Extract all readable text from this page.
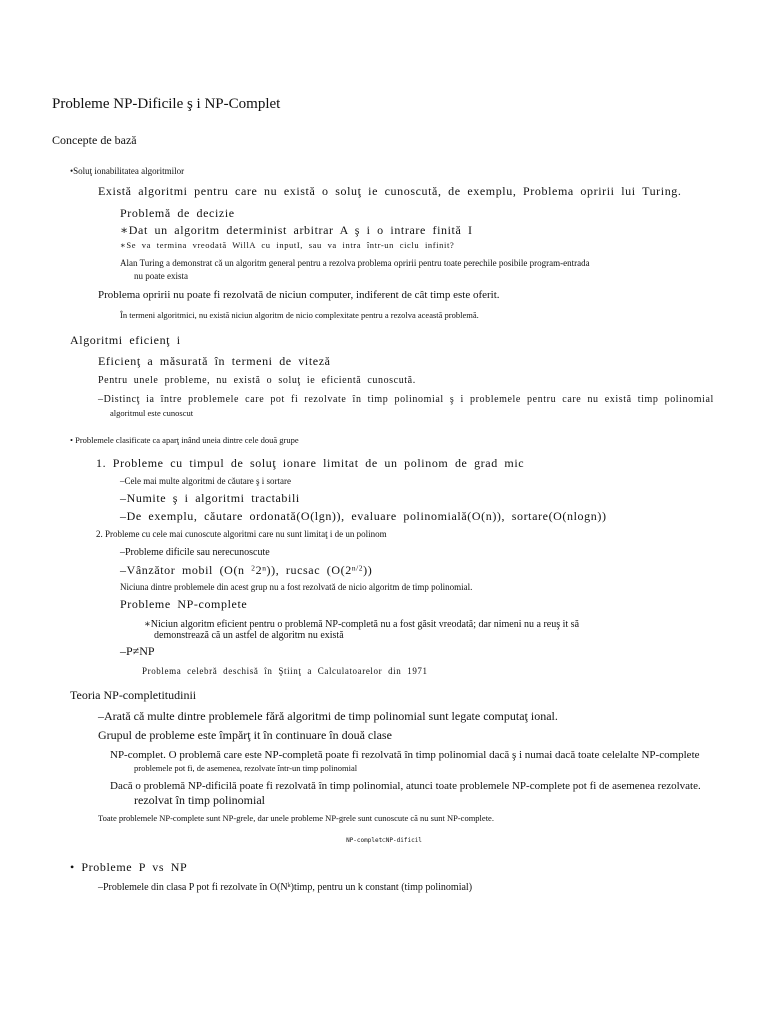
Probleme NP-Dificile ş i NP-Complet
Concepte de bază
•Soluţ ionabilitatea algoritmilor
Există algoritmi pentru care nu există o soluţ ie cunoscută, de exemplu, Problema opririi lui Turing.
Problemă de decizie
∗Dat un algoritm determinist arbitrar A ş i o intrare finită I
∗Se va termina vreodată WillA cu inputI, sau va intra într-un ciclu infinit?
Alan Turing a demonstrat că un algoritm general pentru a rezolva problema opririi pentru toate perechile posibile program-entrada
nu poate exista
Problema opririi nu poate fi rezolvată de niciun computer, indiferent de cât timp este oferit.
În termeni algoritmici, nu există niciun algoritm de nicio complexitate pentru a rezolva această problemă.
Algoritmi eficienţ i
Eficienţ a măsurată în termeni de viteză
Pentru unele probleme, nu există o soluţ ie eficientă cunoscută.
–Distincţ ia între problemele care pot fi rezolvate în timp polinomial ş i problemele pentru care nu există timp polinomial
algoritmul este cunoscut
• Problemele clasificate ca aparţ inând uneia dintre cele două grupe
1. Probleme cu timpul de soluţ ionare limitat de un polinom de grad mic
–Cele mai multe algoritmi de căutare ş i sortare
–Numite ş i algoritmi tractabili
–De exemplu, căutare ordonată(O(lgn)), evaluare polinomială(O(n)), sortare(O(nlogn))
2. Probleme cu cele mai cunoscute algoritmi care nu sunt limitaţ i de un polinom
–Probleme dificile sau nerecunoscute
–Vânzător mobil (O(n $^2$2$^n$)), rucsac $(O(2^{n/2}))$
Niciuna dintre problemele din acest grup nu a fost rezolvată de nicio algoritm de timp polinomial.
Probleme NP-complete
∗Niciun algoritm eficient pentru o problemă NP-completă nu a fost găsit vreodată; dar nimeni nu a reuş it să
demonstrează că un astfel de algoritm nu există
–P≠NP
Problema celebră deschisă în Ştiinţ a Calculatoarelor din 1971
Teoria NP-completitudinii
–Arată că multe dintre problemele fără algoritmi de timp polinomial sunt legate computaţ ional.
Grupul de probleme este împărţ it în continuare în două clase
NP-complet. O problemă care este NP-completă poate fi rezolvată în timp polinomial dacă ş i numai dacă toate celelalte NP-complete
problemele pot fi, de asemenea, rezolvate într-un timp polinomial
Dacă o problemă NP-dificilă poate fi rezolvată în timp polinomial, atunci toate problemele NP-complete pot fi de asemenea rezolvate.
rezolvat în timp polinomial
Toate problemele NP-complete sunt NP-grele, dar unele probleme NP-grele sunt cunoscute că nu sunt NP-complete.
NP-complet⊂NP-dificil
• Probleme P vs NP
–Problemele din clasa P pot fi rezolvate în $O(N^k)timp$, pentru un k constant (timp polinomial)
